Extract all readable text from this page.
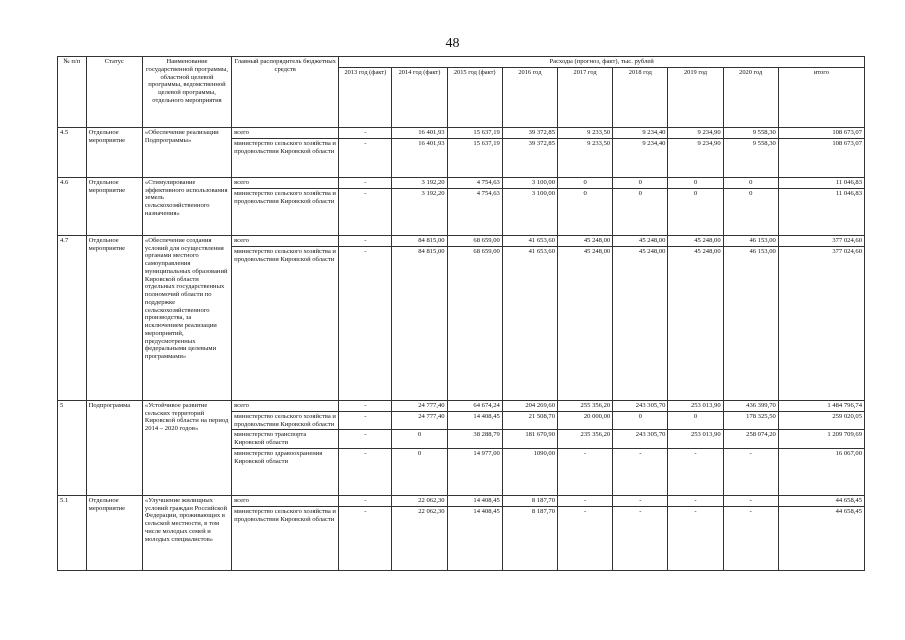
48
№ п/п	Статус	Наименование государственной программы, областной целевой программы, ведомственной целевой программы, отдельного мероприятия	Главный распорядитель бюджетных средств	Расходы (прогноз, факт), тыс. рублей								
				2013 год (факт)	2014 год (факт)	2015 год (факт)	2016 год	2017 год	2018 год	2019 год	2020 год	итого
4.5	Отдельное мероприятие	«Обеспечение реализации Подпрограммы»	всего	-	16 401,93	15 637,19	39 372,85	9 233,50	9 234,40	9 234,90	9 558,30	108 673,07
			министерство сельского хозяйства и продовольствия Кировской области	-	16 401,93	15 637,19	39 372,85	9 233,50	9 234,40	9 234,90	9 558,30	108 673,07
4.6	Отдельное мероприятие	«Стимулирование эффективного использования земель сельскохозяйственного назначения»	всего	-	3 192,20	4 754,63	3 100,00	0	0	0	0	11 046,83
			министерство сельского хозяйства и продовольствия Кировской области	-	3 192,20	4 754,63	3 100,00	0	0	0	0	11 046,83
4.7	Отдельное мероприятие	«Обеспечение создания условий для осуществления органами местного самоуправления муниципальных образований Кировской области отдельных государственных полномочий области по поддержке сельскохозяйственного производства, за исключением реализации мероприятий, предусмотренных федеральными целевыми программами»	всего	-	84 815,00	68 659,00	41 653,60	45 248,00	45 248,00	45 248,00	46 153,00	377 024,60
			министерство сельского хозяйства и продовольствия Кировской области	-	84 815,00	68 659,00	41 653,60	45 248,00	45 248,00	45 248,00	46 153,00	377 024,60
5	Подпрограмма	«Устойчивое развитие сельских территорий Кировской области на период 2014 – 2020 годов»	всего	-	24 777,40	64 674,24	204 269,60	255 356,20	243 305,70	253 013,90	436 399,70	1 484 796,74
			министерство сельского хозяйства и продовольствия Кировской области	-	24 777,40	14 408,45	21 508,70	20 000,00	0	0	178 325,50	259 020,05
			министерство транспорта Кировской области	-	0	38 288,79	181 670,90	235 356,20	243 305,70	253 013,90	258 074,20	1 209 709,69
			министерство здравоохранения Кировской области	-	0	14 977,00	1090,00	-	-	-	-	16 067,00
5.1	Отдельное мероприятие	«Улучшение жилищных условий граждан Российской Федерации, проживающих в сельской местности, в том числе молодых семей и молодых специалистов»	всего	-	22 062,30	14 408,45	8 187,70	-	-	-	-	44 658,45
			министерство сельского хозяйства и продовольствия Кировской области	-	22 062,30	14 408,45	8 187,70	-	-	-	-	44 658,45
